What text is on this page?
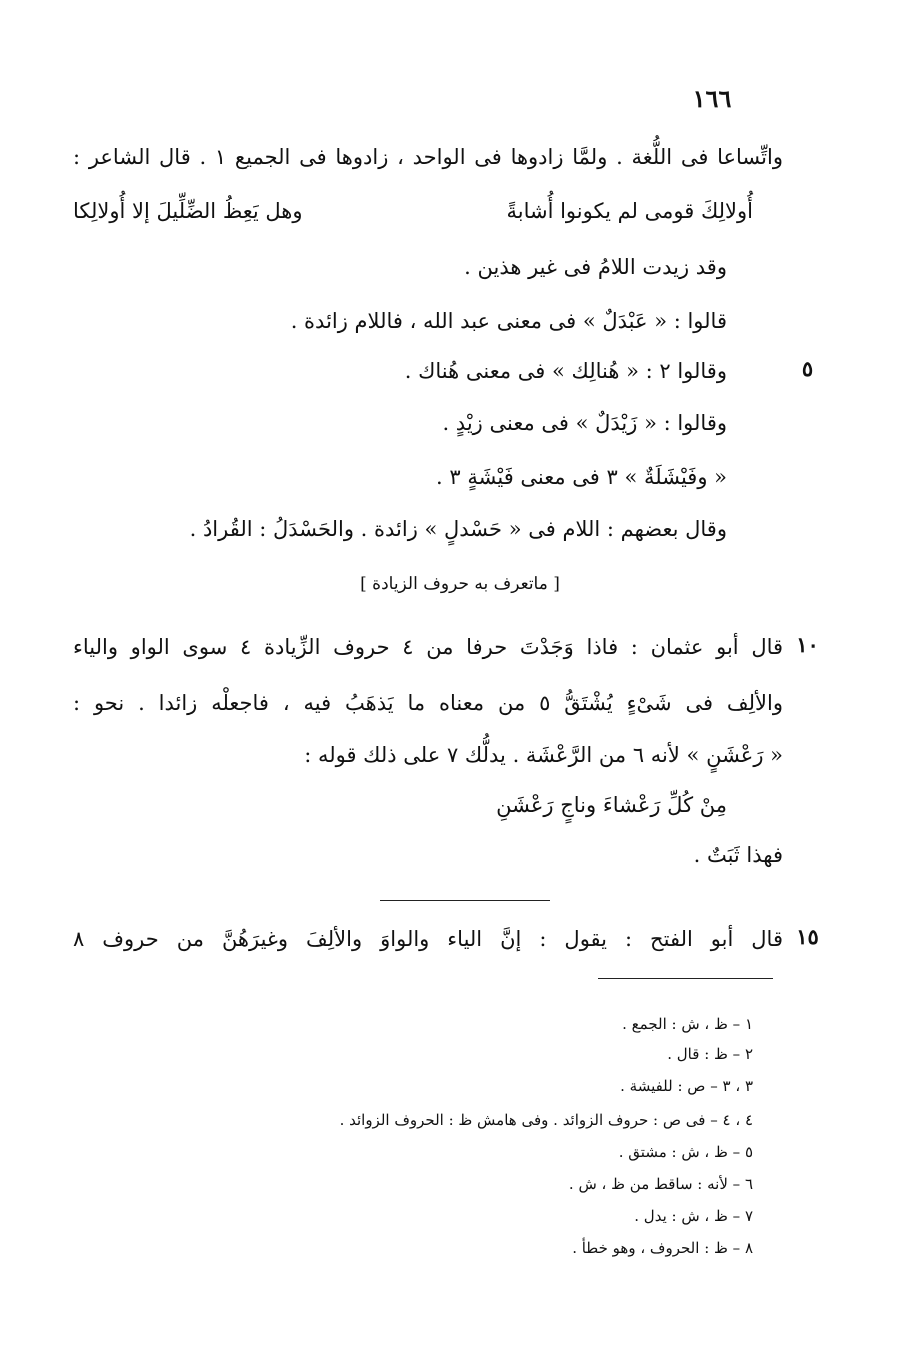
١٦٦
واتِّساعا فى اللُّغة . ولمَّا زادوها فى الواحد ، زادوها فى الجميع ١ . قال الشاعر :
أُولالِكَ قومى لم يكونوا أُشابةً
وهل يَعِظُ الضِّلِّيلَ إلا أُولالِكا
وقد زيدت اللامُ فى غير هذين .
قالوا : « عَبْدَلٌ » فى معنى عبد الله ، فاللام زائدة .
وقالوا ٢ : « هُنالِك » فى معنى هُناك .	٥
وقالوا : « زَيْدَلٌ » فى معنى زيْدٍ .
« وفَيْشَلَةٌ » ٣ فى معنى فَيْشَةٍ ٣ .
وقال بعضهم : اللام فى « حَسْدلٍ » زائدة . والحَسْدَلُ : القُرادُ .
[ ماتعرف به حروف الزيادة ]
قال أبو عثمان : فاذا وَجَدْتَ حرفا من ٤ حروف الزِّيادة ٤ سوى الواو والياء ١٠
والألِف فى شَىْءٍ يُشْتَقُّ ٥ من معناه ما يَذهَبُ فيه ، فاجعلْه زائدا . نحو :
« رَعْشَنٍ » لأنه ٦ من الرَّعْشَة . يدلُّك ٧ على ذلك قوله :
مِنْ كُلِّ رَعْشاءَ وناجٍ رَعْشَنِ
فهذا ثَبَتٌ .
قال أبو الفتح : يقول : إنَّ الياء والواوَ والألِفَ وغيرَهُنَّ من حروف ٨ ١٥
١ – ظ ، ش : الجمع .
٢ – ظ : قال .
٣ ، ٣ – ص : للفيشة .
٤ ، ٤ – فى ص : حروف الزوائد . وفى هامش ظ : الحروف الزوائد .
٥ – ظ ، ش : مشتق .
٦ – لأنه : ساقط من ظ ، ش .
٧ – ظ ، ش : يدل .
٨ – ظ : الحروف ، وهو خطأ .
